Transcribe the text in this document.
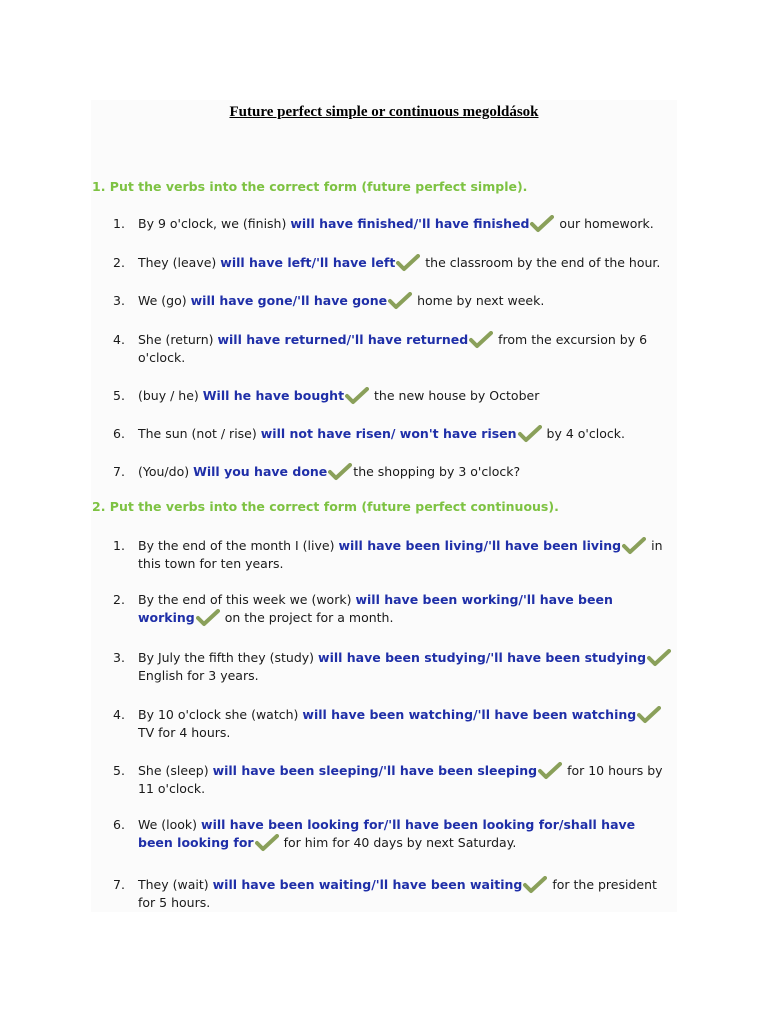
Future perfect simple or continuous megoldások

1. Put the verbs into the correct form (future perfect simple).

1.	By 9 o'clock, we (finish) will have finished/'ll have finished
our homework.
2.	They (leave) will have left/'ll have left
the classroom by the end of the hour.
3.	We (go) will have gone/'ll have gone
home by next week.
4.	She (return) will have returned/'ll have returned
from the excursion by 6 o'clock.
5.	(buy / he) Will he have bought
the new house by October
6.	The sun (not / rise) will not have risen/ won't have risen
by 4 o'clock.
7.	(You/do) Will you have done the shopping by 3 o'clock?

2. Put the verbs into the correct form (future perfect continuous).

1.	By the end of the month I (live) will have been living/'ll have been living
in this town for ten years.
2.	By the end of this week we (work) will have been working/'ll have been working
on the project for a month.
3.	By July the fifth they (study) will have been studying/'ll have been studying
English for 3 years.
4.	By 10 o'clock she (watch) will have been watching/'ll have been watching
TV for 4 hours.
5.	She (sleep) will have been sleeping/'ll have been sleeping
for 10 hours by 11 o'clock.
6.	We (look) will have been looking for/'ll have been looking for/shall have been looking for
for him for 40 days by next Saturday.
7.	They (wait) will have been waiting/'ll have been waiting
for the president for 5 hours.
